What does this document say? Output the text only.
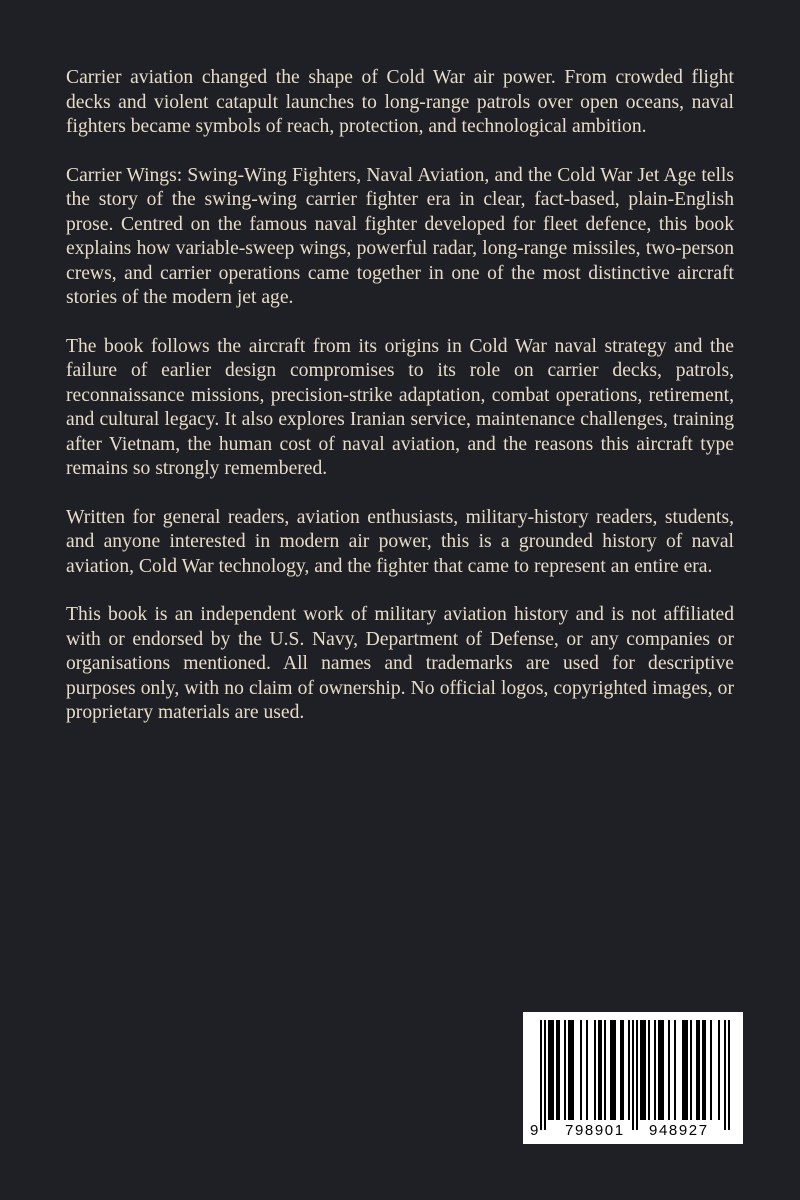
Carrier aviation changed the shape of Cold War air power. From crowded flight decks and violent catapult launches to long-range patrols over open oceans, naval fighters became symbols of reach, protection, and technological ambition.

Carrier Wings: Swing-Wing Fighters, Naval Aviation, and the Cold War Jet Age tells the story of the swing-wing carrier fighter era in clear, fact-based, plain-English prose. Centred on the famous naval fighter developed for fleet defence, this book explains how variable-sweep wings, powerful radar, long-range missiles, two-person crews, and carrier operations came together in one of the most distinctive aircraft stories of the modern jet age.

The book follows the aircraft from its origins in Cold War naval strategy and the failure of earlier design compromises to its role on carrier decks, patrols, reconnaissance missions, precision-strike adaptation, combat operations, retirement, and cultural legacy. It also explores Iranian service, maintenance challenges, training after Vietnam, the human cost of naval aviation, and the reasons this aircraft type remains so strongly remembered.

Written for general readers, aviation enthusiasts, military-history readers, students, and anyone interested in modern air power, this is a grounded history of naval aviation, Cold War technology, and the fighter that came to represent an entire era.

This book is an independent work of military aviation history and is not affiliated with or endorsed by the U.S. Navy, Department of Defense, or any companies or organisations mentioned. All names and trademarks are used for descriptive purposes only, with no claim of ownership. No official logos, copyrighted images, or proprietary materials are used.

9 798901 948927
